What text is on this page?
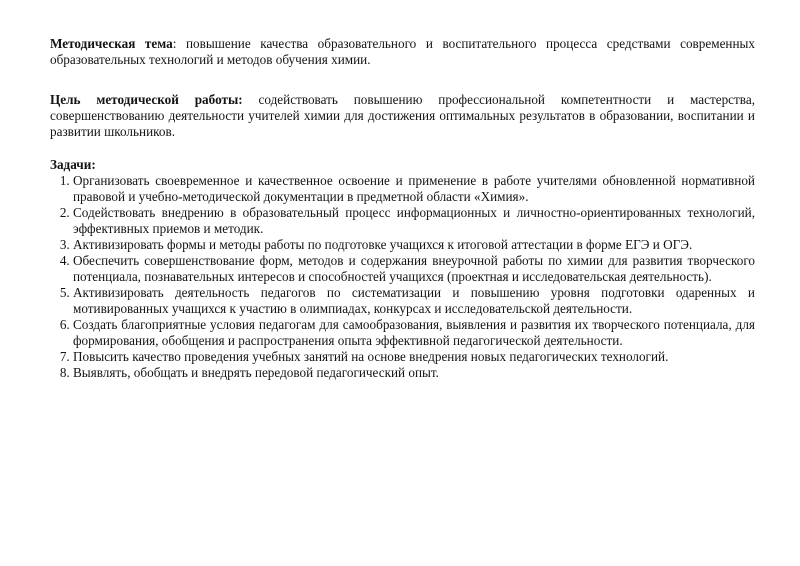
Методическая тема: повышение качества образовательного и воспитательного процесса средствами современных образовательных технологий и методов обучения химии.

Цель методической работы: содействовать повышению профессиональной компетентности и мастерства, совершенствованию деятельности учителей химии для достижения оптимальных результатов в образовании, воспитании и развитии школьников.

Задачи:

1. Организовать своевременное и качественное освоение и применение в работе учителями обновленной нормативной правовой и учебно-методической документации в предметной области «Химия».
2. Содействовать внедрению в образовательный процесс информационных и личностно-ориентированных технологий, эффективных приемов и методик.
3. Активизировать формы и методы работы по подготовке учащихся к итоговой аттестации в форме ЕГЭ и ОГЭ.
4. Обеспечить совершенствование форм, методов и содержания внеурочной работы по химии для развития творческого потенциала, познавательных интересов и способностей учащихся (проектная и исследовательская деятельность).
5. Активизировать деятельность педагогов по систематизации и повышению уровня подготовки одаренных и мотивированных учащихся к участию в олимпиадах, конкурсах и исследовательской деятельности.
6. Создать благоприятные условия педагогам для самообразования, выявления и развития их творческого потенциала, для формирования, обобщения и распространения опыта эффективной педагогической деятельности.
7. Повысить качество проведения учебных занятий на основе внедрения новых педагогических технологий.
8. Выявлять, обобщать и внедрять передовой педагогический опыт.
